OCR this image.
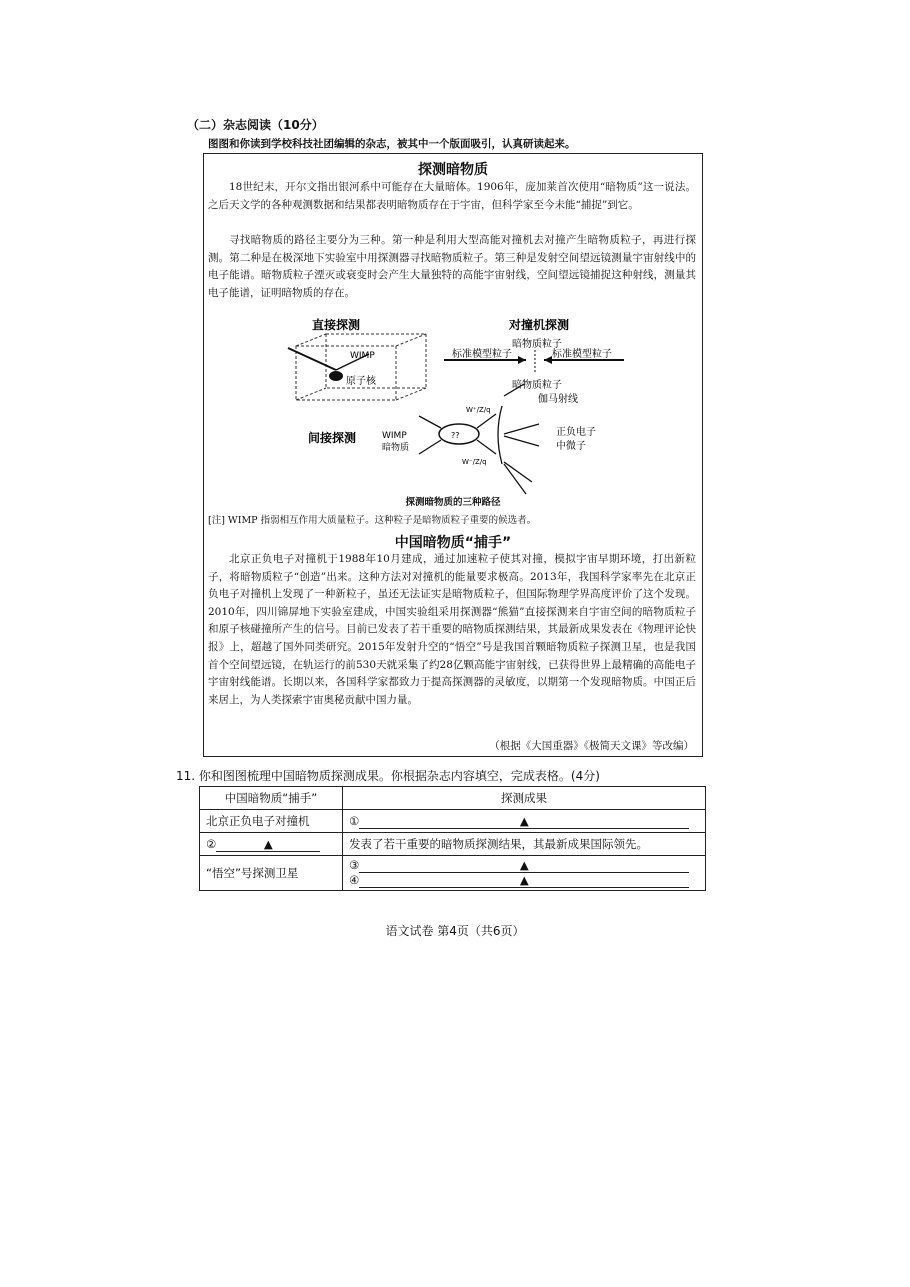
（二）杂志阅读（10分）
图图和你读到学校科技社团编辑的杂志，被其中一个版面吸引，认真研读起来。
探测暗物质

18世纪末，开尔文指出银河系中可能存在大量暗体。1906年，庞加莱首次使用“暗物质”这一说法。之后天文学的各种观测数据和结果都表明暗物质存在于宇宙，但科学家至今未能“捕捉”到它。

寻找暗物质的路径主要分为三种。第一种是利用大型高能对撞机去对撞产生暗物质粒子，再进行探测。第二种是在极深地下实验室中用探测器寻找暗物质粒子。第三种是发射空间望远镜测量宇宙射线中的电子能谱。暗物质粒子湮灭或衰变时会产生大量独特的高能宇宙射线，空间望远镜捕捉这种射线，测量其电子能谱，证明暗物质的存在。

直接探测
WIMP
原子核
对撞机探测
暗物质粒子
标准模型粒子	标准模型粒子
暗物质粒子
间接探测	WIMP
暗物质
??
W⁺/Z/q
W⁻/Z/q
伽马射线
正负电子
中微子
探测暗物质的三种路径
[注] WIMP 指弱相互作用大质量粒子。这种粒子是暗物质粒子重要的候选者。
中国暗物质“捕手”

北京正负电子对撞机于1988年10月建成，通过加速粒子使其对撞，模拟宇宙早期环境，打出新粒子，将暗物质粒子“创造”出来。这种方法对对撞机的能量要求极高。2013年，我国科学家率先在北京正负电子对撞机上发现了一种新粒子，虽还无法证实是暗物质粒子，但国际物理学界高度评价了这个发现。2010年，四川锦屏地下实验室建成，中国实验组采用探测器“熊猫”直接探测来自宇宙空间的暗物质粒子和原子核碰撞所产生的信号。目前已发表了若干重要的暗物质探测结果，其最新成果发表在《物理评论快报》上，超越了国外同类研究。2015年发射升空的“悟空”号是我国首颗暗物质粒子探测卫星，也是我国首个空间望远镜，在轨运行的前530天就采集了约28亿颗高能宇宙射线，已获得世界上最精确的高能电子宇宙射线能谱。长期以来，各国科学家都致力于提高探测器的灵敏度，以期第一个发现暗物质。中国正后来居上，为人类探索宇宙奥秘贡献中国力量。

（根据《大国重器》《极简天文课》等改编）
11. 你和图图梳理中国暗物质探测成果。你根据杂志内容填空，完成表格。(4分)
中国暗物质“捕手”	探测成果
北京正负电子对撞机	① ▲
② ▲	发表了若干重要的暗物质探测结果，其最新成果国际领先。
“悟空”号探测卫星	③ ▲
④ ▲
语文试卷 第4页（共6页）
